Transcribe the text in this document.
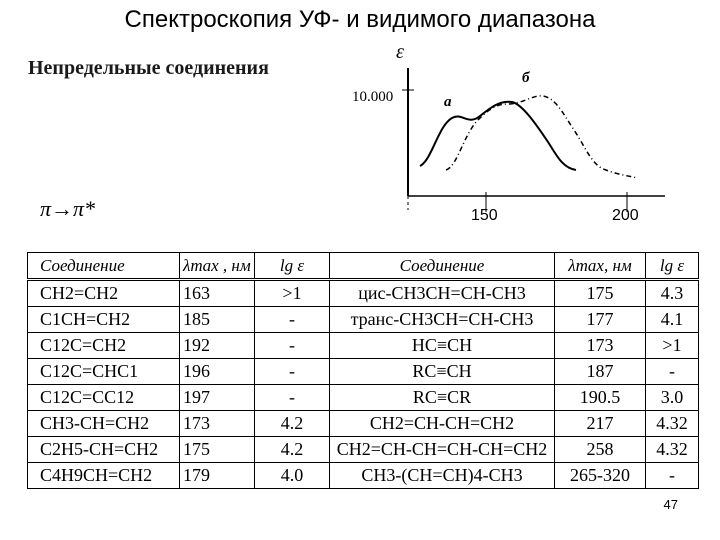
Спектроскопия УФ- и видимого диапазона
Непредельные соединения
π→π*
ε
10.000
150	200
а
б
Соединение	λmax , нм	lg ε	Соединение	λmax, нм	lg ε
CH2=CH2	163	>1	цис-CH3CH=CH-CH3	175	4.3
C1CH=CH2	185	-	транс-CH3CH=CH-CH3	177	4.1
C12C=CH2	192	-	HC≡CH	173	>1
C12C=CHC1	196	-	RC≡CH	187	-
C12C=CC12	197	-	RC≡CR	190.5	3.0
CH3-CH=CH2	173	4.2	CH2=CH-CH=CH2	217	4.32
C2H5-CH=CH2	175	4.2	CH2=CH-CH=CH-CH=CH2	258	4.32
C4H9CH=CH2	179	4.0	CH3-(CH=CH)4-CH3	265-320	-
47
